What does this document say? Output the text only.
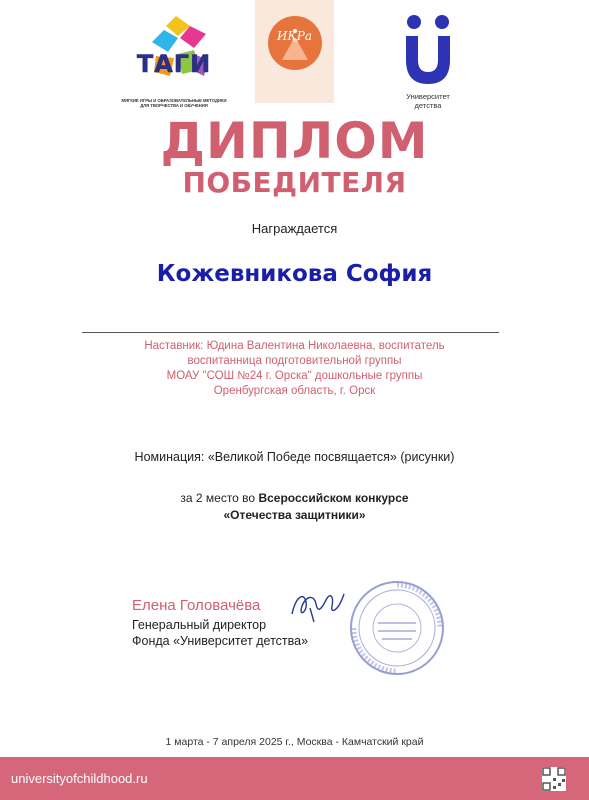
ТАГИ
МЯГКИЕ ИГРЫ И ОБРАЗОВАТЕЛЬНЫЕ МЕТОДИКИ
ДЛЯ ТВОРЧЕСТВА И ОБУЧЕНИЯ
ИКРа
Университет
детства
ДИПЛОМ
ПОБЕДИТЕЛЯ
Награждается
Кожевникова София
Наставник: Юдина Валентина Николаевна, воспитатель
воспитанница подготовительной группы
МОАУ "СОШ №24 г. Орска" дошкольные группы
Оренбургская область, г. Орск
Номинация: «Великой Победе посвящается» (рисунки)
за 2 место во Всероссийском конкурсе
«Отечества защитники»
Елена Головачёва
Генеральный директор
Фонда «Университет детства»
1 марта - 7 апреля 2025 г., Москва - Камчатский край
universityofchildhood.ru
